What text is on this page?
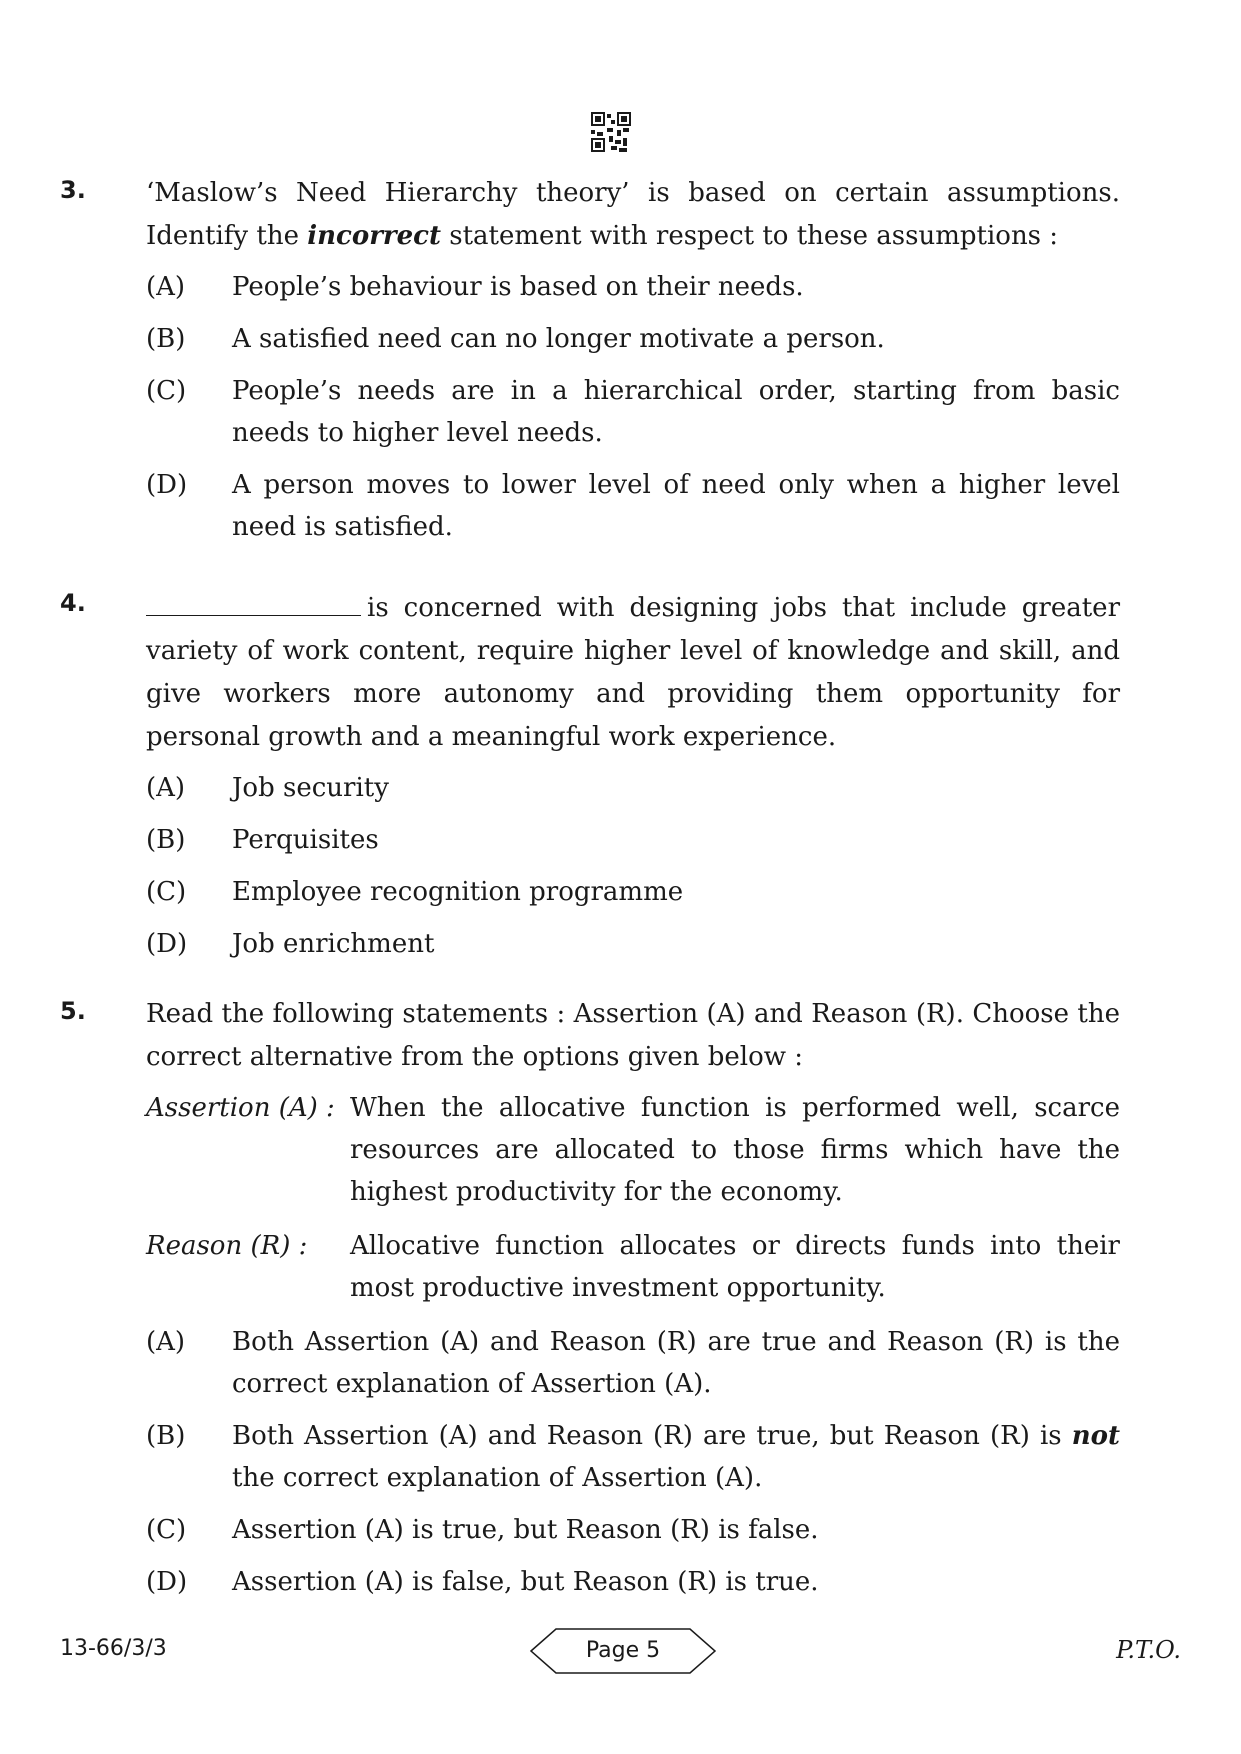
3. ‘Maslow’s Need Hierarchy theory’ is based on certain assumptions. Identify the incorrect statement with respect to these assumptions :
(A) People’s behaviour is based on their needs.
(B) A satisfied need can no longer motivate a person.
(C) People’s needs are in a hierarchical order, starting from basic needs to higher level needs.
(D) A person moves to lower level of need only when a higher level need is satisfied.
4.	is concerned with designing jobs that include greater variety of work content, require higher level of knowledge and skill, and give workers more autonomy and providing them opportunity for personal growth and a meaningful work experience.
(A) Job security
(B) Perquisites
(C) Employee recognition programme
(D) Job enrichment
5. Read the following statements : Assertion (A) and Reason (R). Choose the correct alternative from the options given below :
Assertion (A) : When the allocative function is performed well, scarce resources are allocated to those firms which have the highest productivity for the economy.
Reason (R) : Allocative function allocates or directs funds into their most productive investment opportunity.
(A) Both Assertion (A) and Reason (R) are true and Reason (R) is the correct explanation of Assertion (A).
(B) Both Assertion (A) and Reason (R) are true, but Reason (R) is not the correct explanation of Assertion (A).
(C) Assertion (A) is true, but Reason (R) is false.
(D) Assertion (A) is false, but Reason (R) is true.
13-66/3/3	Page 5	P.T.O.
